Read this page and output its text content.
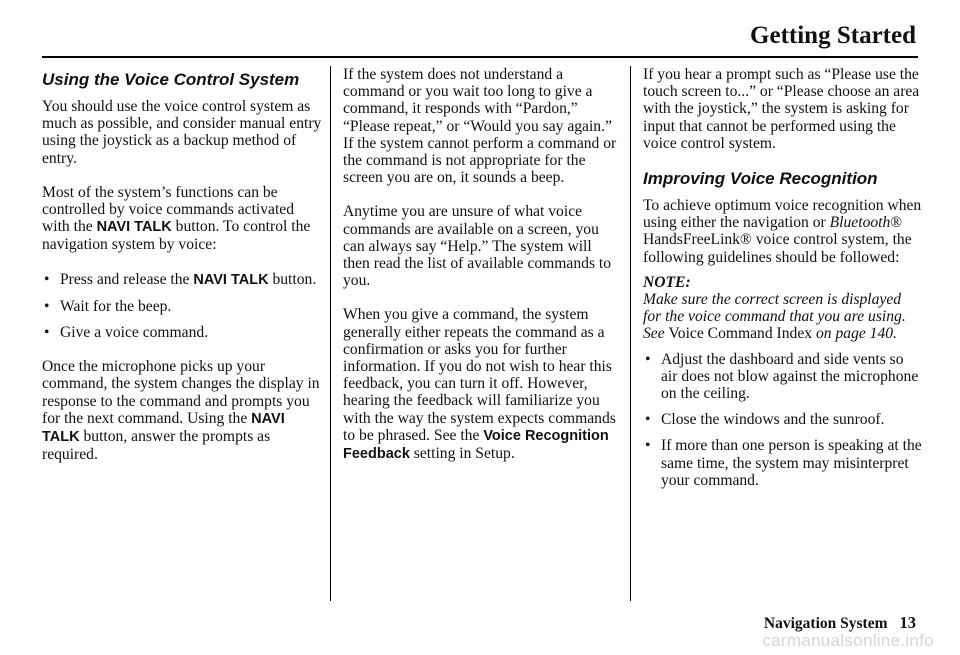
Getting Started
Using the Voice Control System

You should use the voice control system as much as possible, and consider manual entry using the joystick as a backup method of entry.

Most of the system’s functions can be controlled by voice commands activated with the NAVI TALK button. To control the navigation system by voice:

• Press and release the NAVI TALK button.
• Wait for the beep.
• Give a voice command.

Once the microphone picks up your command, the system changes the display in response to the command and prompts you for the next command. Using the NAVI TALK button, answer the prompts as required.

If the system does not understand a command or you wait too long to give a command, it responds with “Pardon,” “Please repeat,” or “Would you say again.” If the system cannot perform a command or the command is not appropriate for the screen you are on, it sounds a beep.

Anytime you are unsure of what voice commands are available on a screen, you can always say “Help.” The system will then read the list of available commands to you.

When you give a command, the system generally either repeats the command as a confirmation or asks you for further information. If you do not wish to hear this feedback, you can turn it off. However, hearing the feedback will familiarize you with the way the system expects commands to be phrased. See the Voice Recognition Feedback setting in Setup.

If you hear a prompt such as “Please use the touch screen to...” or “Please choose an area with the joystick,” the system is asking for input that cannot be performed using the voice control system.

Improving Voice Recognition

To achieve optimum voice recognition when using either the navigation or Bluetooth® HandsFreeLink® voice control system, the following guidelines should be followed:

NOTE:

Make sure the correct screen is displayed for the voice command that you are using. See Voice Command Index on page 140.

• Adjust the dashboard and side vents so air does not blow against the microphone on the ceiling.
• Close the windows and the sunroof.
• If more than one person is speaking at the same time, the system may misinterpret your command.
Navigation System 13
carmanualsonline.info
